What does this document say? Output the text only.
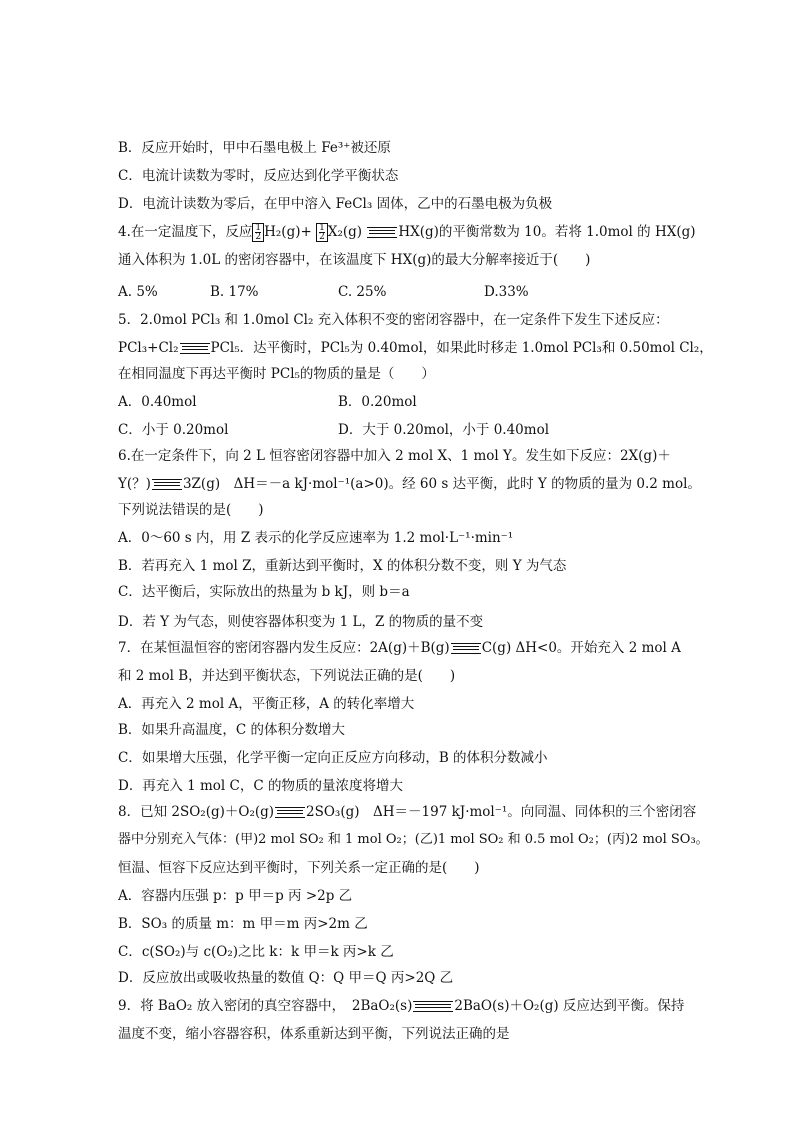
B．反应开始时，甲中石墨电极上 Fe³⁺被还原
C．电流计读数为零时，反应达到化学平衡状态
D．电流计读数为零后，在甲中溶入 FeCl₃ 固体，乙中的石墨电极为负极
4.在一定温度下，反应 $\frac{1}{2} H_2(g)+ \frac{1}{2} X_2(g)$ HX(g)的平衡常数为 10。若将 1.0mol 的 HX(g)
通入体积为 1.0L 的密闭容器中，在该温度下 HX(g)的最大分解率接近于(　　)
A. 5%	B. 17%	C. 25%	D.33%
5．2.0mol PCl₃ 和 1.0mol Cl₂ 充入体积不变的密闭容器中，在一定条件下发生下述反应：
PCl₃+Cl₂ PCl₅．达平衡时，PCl₅为 0.40mol，如果此时移走 1.0mol PCl₃和 0.50mol Cl₂，
在相同温度下再达平衡时 PCl₅的物质的量是（　　）
A．0.40mol	B．0.20mol
C．小于 0.20mol	D．大于 0.20mol，小于 0.40mol
6.在一定条件下，向 2 L 恒容密闭容器中加入 2 mol X、1 mol Y。发生如下反应：2X(g)＋
Y(？) 3Z(g)　ΔH＝－a kJ·mol⁻¹(a>0)。经 60 s 达平衡，此时 Y 的物质的量为 0.2 mol。
下列说法错误的是(　　)
A．0～60 s 内，用 Z 表示的化学反应速率为 1.2 mol·L⁻¹·min⁻¹
B．若再充入 1 mol Z，重新达到平衡时，X 的体积分数不变，则 Y 为气态
C．达平衡后，实际放出的热量为 b kJ，则 b＝a
D．若 Y 为气态，则使容器体积变为 1 L，Z 的物质的量不变
7．在某恒温恒容的密闭容器内发生反应：2A(g)＋B(g) C(g) ΔH<0。开始充入 2 mol A
和 2 mol B，并达到平衡状态，下列说法正确的是(　　)
A．再充入 2 mol A，平衡正移，A 的转化率增大
B．如果升高温度，C 的体积分数增大
C．如果增大压强，化学平衡一定向正反应方向移动，B 的体积分数减小
D．再充入 1 mol C，C 的物质的量浓度将增大
8．已知 2SO₂(g)＋O₂(g) 2SO₃(g)　ΔH＝－197 kJ·mol⁻¹。向同温、同体积的三个密闭容
器中分别充入气体：(甲)2 mol SO₂ 和 1 mol O₂；(乙)1 mol SO₂ 和 0.5 mol O₂；(丙)2 mol SO₃。
恒温、恒容下反应达到平衡时，下列关系一定正确的是(　　)
A．容器内压强 p：p 甲＝p 丙 >2p 乙
B．SO₃ 的质量 m：m 甲＝m 丙>2m 乙
C．c(SO₂)与 c(O₂)之比 k：k 甲＝k 丙>k 乙
D．反应放出或吸收热量的数值 Q：Q 甲＝Q 丙>2Q 乙
9．将 BaO₂ 放入密闭的真空容器中，　2BaO₂(s)	2BaO(s)＋O₂(g) 反应达到平衡。保持
温度不变，缩小容器容积，体系重新达到平衡，下列说法正确的是
